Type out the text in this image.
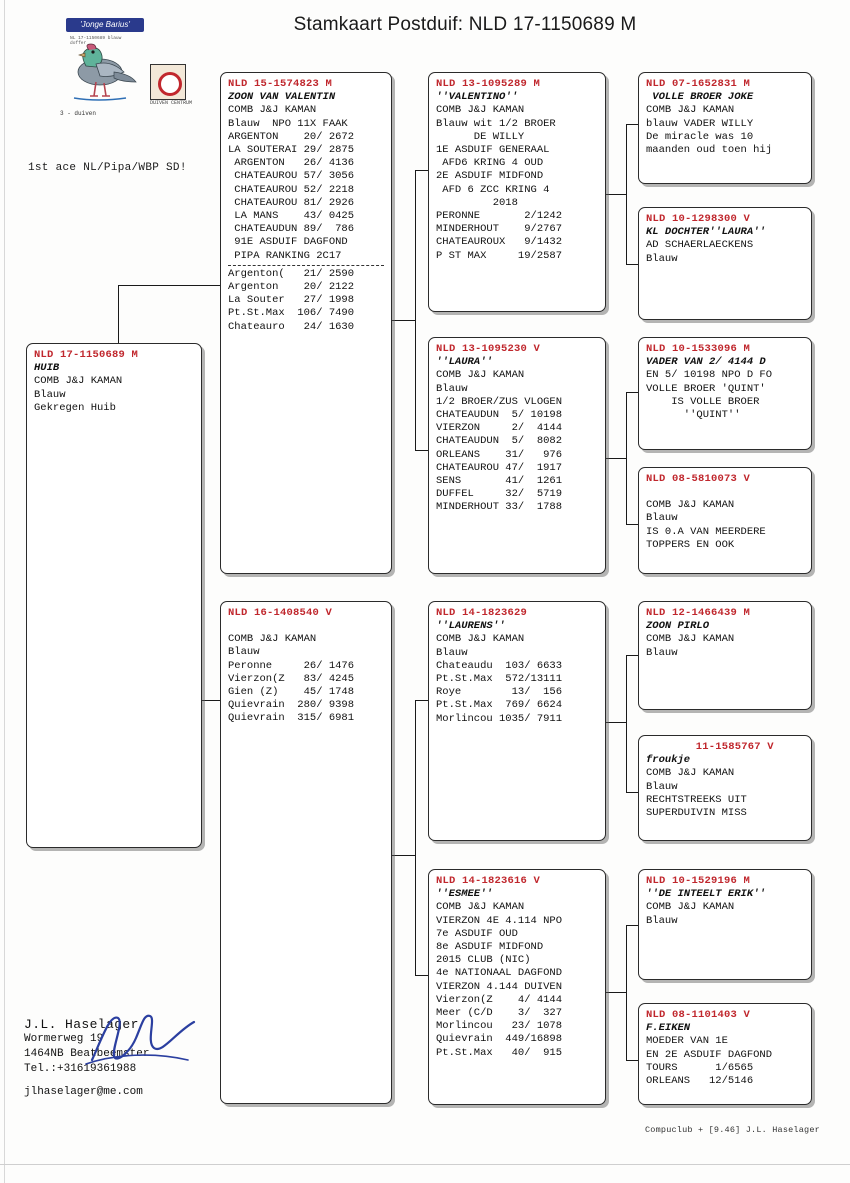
Stamkaart Postduif: NLD 17-1150689 M
'Jonge Barius'
NL 17-1150689 blauw doffer
DUIVEN CENTRUM
3 - duiven
1st ace NL/Pipa/WBP SD!
NLD 17-1150689 M
HUIB
COMB J&J KAMAN
Blauw
Gekregen Huib
NLD 15-1574823 M
ZOON VAN VALENTIN
COMB J&J KAMAN
Blauw  NPO 11X FAAK
ARGENTON    20/ 2672
LA SOUTERAI 29/ 2875
ARGENTON   26/ 4136
CHATEAUROU 57/ 3056
CHATEAUROU 52/ 2218
CHATEAUROU 81/ 2926
LA MANS    43/ 0425
CHATEAUDUN 89/  786
91E ASDUIF DAGFOND
PIPA RANKING 2C17
Argenton(   21/ 2590
Argenton    20/ 2122
La Souter   27/ 1998
Pt.St.Max  106/ 7490
Chateauro   24/ 1630
NLD 16-1408540 V
COMB J&J KAMAN
Blauw
Peronne     26/ 1476
Vierzon(Z   83/ 4245
Gien (Z)    45/ 1748
Quievrain  280/ 9398
Quievrain  315/ 6981
NLD 13-1095289 M
''VALENTINO''
COMB J&J KAMAN
Blauw wit 1/2 BROER
DE WILLY
1E ASDUIF GENERAAL
AFD6 KRING 4 OUD
2E ASDUIF MIDFOND
AFD 6 ZCC KRING 4
2018
PERONNE       2/1242
MINDERHOUT    9/2767
CHATEAUROUX   9/1432
P ST MAX     19/2587
NLD 13-1095230 V
''LAURA''
COMB J&J KAMAN
Blauw
1/2 BROER/ZUS VLOGEN
CHATEAUDUN  5/ 10198
VIERZON     2/  4144
CHATEAUDUN  5/  8082
ORLEANS    31/   976
CHATEAUROU 47/  1917
SENS       41/  1261
DUFFEL     32/  5719
MINDERHOUT 33/  1788
NLD 14-1823629
''LAURENS''
COMB J&J KAMAN
Blauw
Chateaudu  103/ 6633
Pt.St.Max  572/13111
Roye        13/  156
Pt.St.Max  769/ 6624
Morlincou 1035/ 7911
NLD 14-1823616 V
''ESMEE''
COMB J&J KAMAN
VIERZON 4E 4.114 NPO
7e ASDUIF OUD
8e ASDUIF MIDFOND
2015 CLUB (NIC)
4e NATIONAAL DAGFOND
VIERZON 4.144 DUIVEN
Vierzon(Z    4/ 4144
Meer (C/D    3/  327
Morlincou   23/ 1078
Quievrain  449/16898
Pt.St.Max   40/  915
NLD 07-1652831 M
VOLLE BROER JOKE
COMB J&J KAMAN
blauw VADER WILLY
De miracle was 10
maanden oud toen hij
NLD 10-1298300 V
KL DOCHTER''LAURA''
AD SCHAERLAECKENS
Blauw
NLD 10-1533096 M
VADER VAN 2/ 4144 D
EN 5/ 10198 NPO D FO
VOLLE BROER 'QUINT'
IS VOLLE BROER
''QUINT''
NLD 08-5810073 V
COMB J&J KAMAN
Blauw
IS 0.A VAN MEERDERE
TOPPERS EN OOK
NLD 12-1466439 M
ZOON PIRLO
COMB J&J KAMAN
Blauw
11-1585767 V
froukje
COMB J&J KAMAN
Blauw
RECHTSTREEKS UIT
SUPERDUIVIN MISS
NLD 10-1529196 M
''DE INTEELT ERIK''
COMB J&J KAMAN
Blauw
NLD 08-1101403 V
F.EIKEN
MOEDER VAN 1E
EN 2E ASDUIF DAGFOND
TOURS      1/6565
ORLEANS   12/5146
J.L. Haselager
Wormerweg 19
1464NB Beatbeemster
Tel.:+31619361988
jlhaselager@me.com
Compuclub + [9.46] J.L. Haselager
